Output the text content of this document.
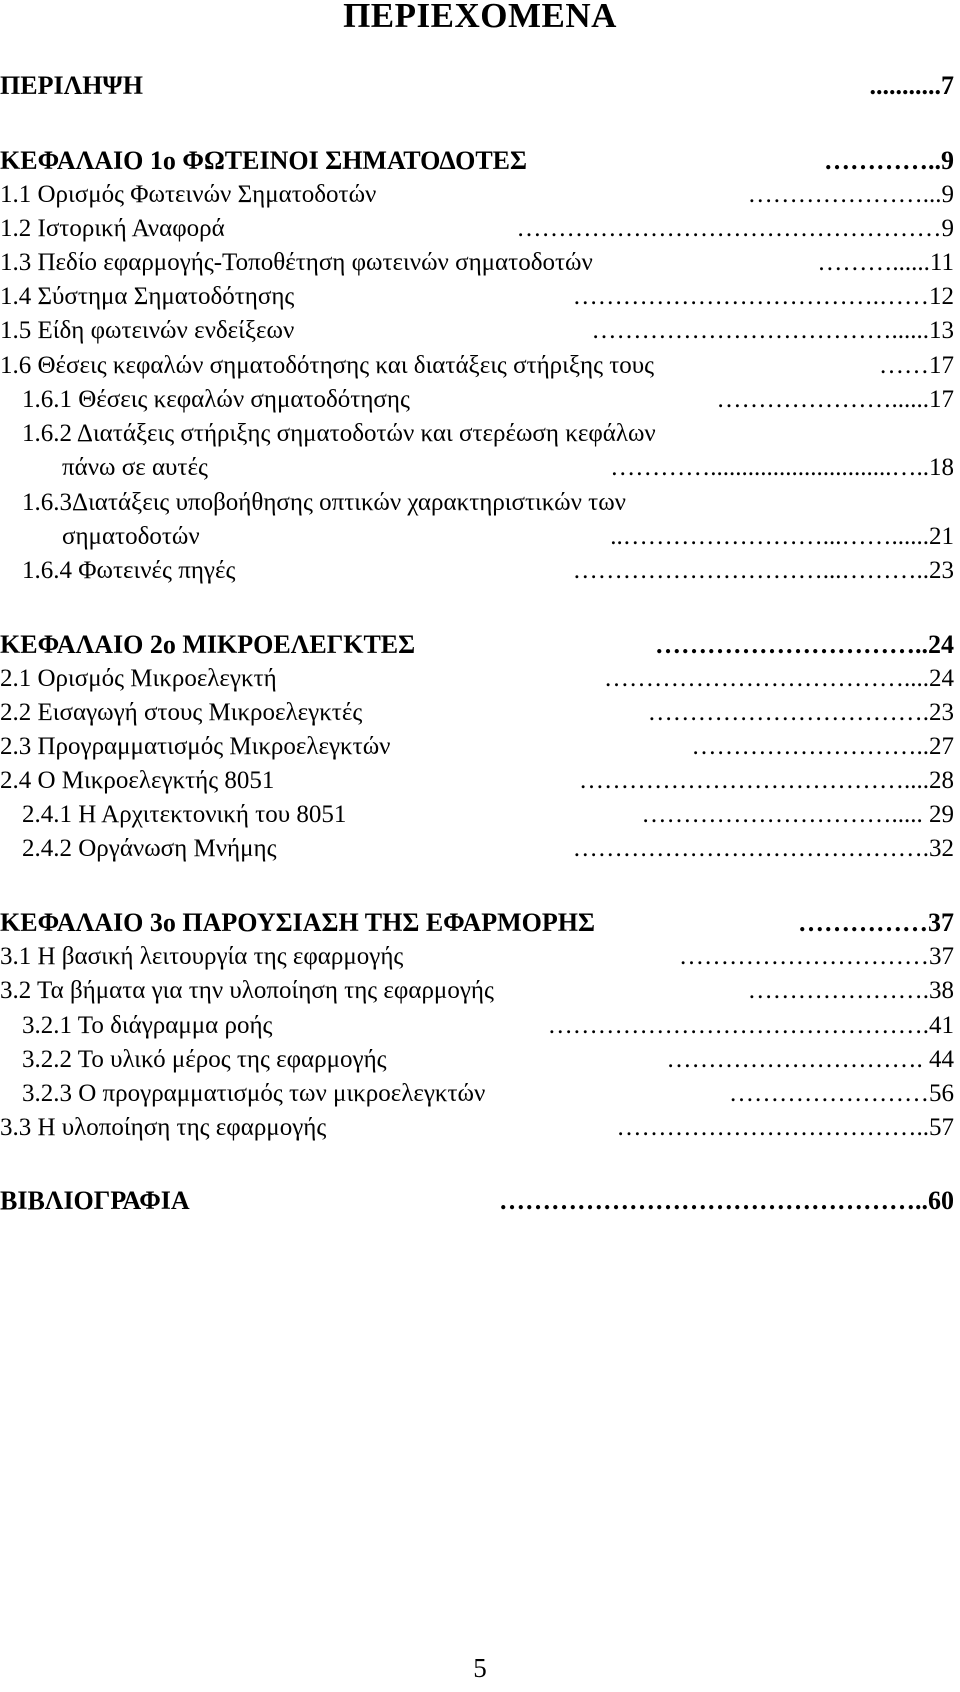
ΠΕΡΙΕΧΟΜΕΝΑ
ΠΕΡΙΛΗΨΗ	...........7
ΚΕΦΑΛΑΙΟ 1ο ΦΩΤΕΙΝΟΙ ΣΗΜΑΤΟΔΟΤΕΣ	…………..9
1.1 Ορισμός Φωτεινών Σηματοδοτών	…………………...9
1.2 Ιστορική Αναφορά	……………………………………………9
1.3 Πεδίο εφαρμογής-Τοποθέτηση φωτεινών σηματοδοτών	………......11
1.4 Σύστημα Σηματοδότησης	……………………………….……12
1.5 Είδη φωτεινών ενδείξεων	………………………………......13
1.6 Θέσεις κεφαλών σηματοδότησης και διατάξεις στήριξης τους	……17
1.6.1 Θέσεις κεφαλών σηματοδότησης	…………………......17
1.6.2 Διατάξεις στήριξης σηματοδοτών και στερέωση κεφάλων
πάνω σε αυτές	………….............................…..18
1.6.3Διατάξεις υποβοήθησης οπτικών χαρακτηριστικών των
σηματοδοτών	..……………………...……......21
1.6.4 Φωτεινές πηγές	…………………………...………..23
ΚΕΦΑΛΑΙΟ 2ο ΜΙΚΡΟΕΛΕΓΚΤΕΣ	…………………………..24
2.1 Ορισμός Μικροελεγκτή	………………………………....24
2.2 Εισαγωγή στους Μικροελεγκτές	…………………………….23
2.3 Προγραμματισμός Μικροελεγκτών	………………………..27
2.4 Ο Μικροελεγκτής 8051	…………………………………....28
2.4.1 Η Αρχιτεκτονική του 8051	…………………………..... 29
2.4.2 Οργάνωση Μνήμης	…………………………………….32
ΚΕΦΑΛΑΙΟ 3ο ΠΑΡΟΥΣΙΑΣΗ ΤΗΣ ΕΦΑΡΜΟΡΗΣ	……………37
3.1 Η βασική λειτουργία της εφαρμογής	…………………………37
3.2 Τα βήματα για την υλοποίηση της εφαρμογής	………………….38
3.2.1 Το διάγραμμα ροής	……………………………………….41
3.2.2 Το υλικό μέρος της εφαρμογής	…………………………. 44
3.2.3 Ο προγραμματισμός των μικροελεγκτών	……………………56
3.3 Η υλοποίηση της εφαρμογής	………………………………..57
ΒΙΒΛΙΟΓΡΑΦΙΑ	…………………………………………..60
5
